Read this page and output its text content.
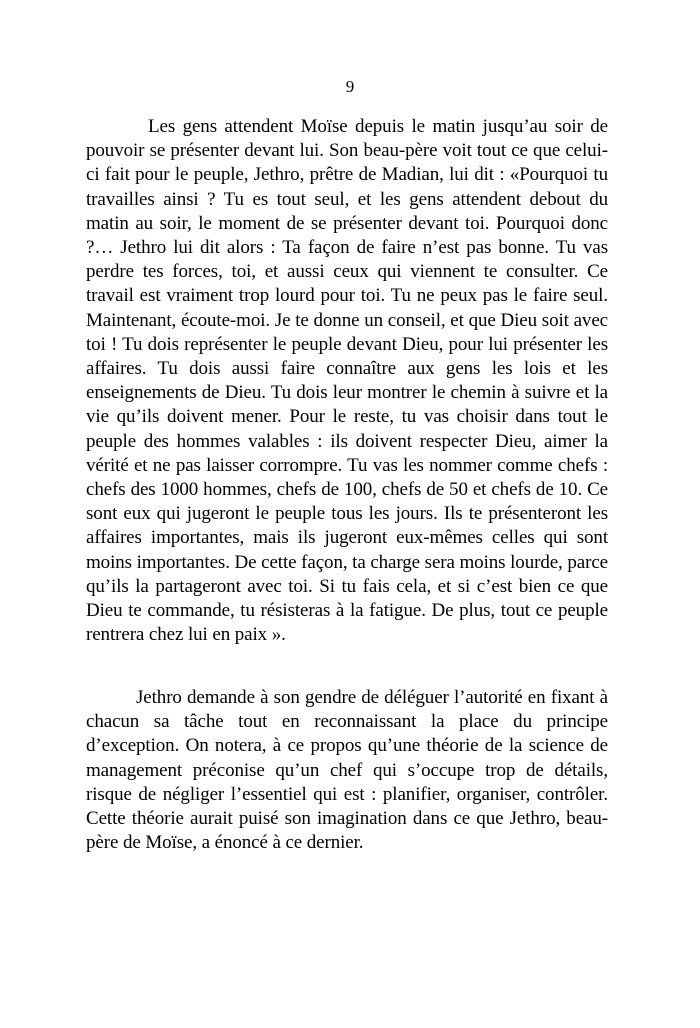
9

Les gens attendent Moïse depuis le matin jusqu’au soir de pouvoir se présenter devant lui. Son beau-père voit tout ce que celui-ci fait pour le peuple, Jethro, prêtre de Madian, lui dit : «Pourquoi tu travailles ainsi ? Tu es tout seul, et les gens attendent debout du matin au soir, le moment de se présenter devant toi. Pourquoi donc ?… Jethro lui dit alors : Ta façon de faire n’est pas bonne. Tu vas perdre tes forces, toi, et aussi ceux qui viennent te consulter. Ce travail est vraiment trop lourd pour toi. Tu ne peux pas le faire seul. Maintenant, écoute-moi. Je te donne un conseil, et que Dieu soit avec toi ! Tu dois représenter le peuple devant Dieu, pour lui présenter les affaires. Tu dois aussi faire connaître aux gens les lois et les enseignements de Dieu. Tu dois leur montrer le chemin à suivre et la vie qu’ils doivent mener. Pour le reste, tu vas choisir dans tout le peuple des hommes valables : ils doivent respecter Dieu, aimer la vérité et ne pas laisser corrompre. Tu vas les nommer comme chefs : chefs des 1000 hommes, chefs de 100, chefs de 50 et chefs de 10. Ce sont eux qui jugeront le peuple tous les jours. Ils te présenteront les affaires importantes, mais ils jugeront eux-mêmes celles qui sont moins importantes. De cette façon, ta charge sera moins lourde, parce qu’ils la partageront avec toi. Si tu fais cela, et si c’est bien ce que Dieu te commande, tu résisteras à la fatigue. De plus, tout ce peuple rentrera chez lui en paix ».

Jethro demande à son gendre de déléguer l’autorité en fixant à chacun sa tâche tout en reconnaissant la place du principe d’exception. On notera, à ce propos qu’une théorie de la science de management préconise qu’un chef qui s’occupe trop de détails, risque de négliger l’essentiel qui est : planifier, organiser, contrôler. Cette théorie aurait puisé son imagination dans ce que Jethro, beau-père de Moïse, a énoncé à ce dernier.
